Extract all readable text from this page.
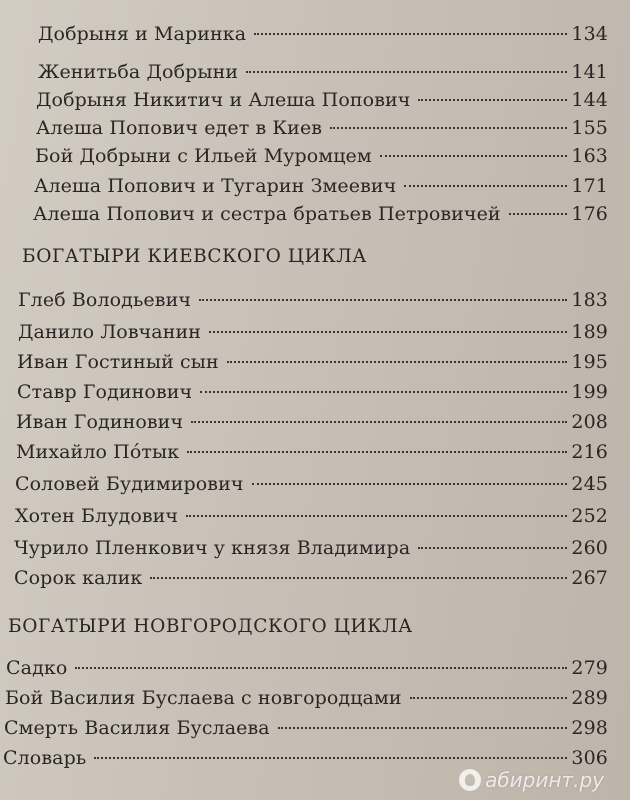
Добрыня и Маринка	134
Женитьба Добрыни	141
Добрыня Никитич и Алеша Попович	144
Алеша Попович едет в Киев	155
Бой Добрыни с Ильей Муромцем	163
Алеша Попович и Тугарин Змеевич	171
Алеша Попович и сестра братьев Петровичей	176
БОГАТЫРИ КИЕВСКОГО ЦИКЛА
Глеб Володьевич	183
Данило Ловчанин	189
Иван Гостиный сын	195
Ставр Годинович	199
Иван Годинович	208
Михайло Пóтык	216
Соловей Будимирович	245
Хотен Блудович	252
Чурило Пленкович у князя Владимира	260
Сорок калик	267
БОГАТЫРИ НОВГОРОДСКОГО ЦИКЛА
Садко	279
Бой Василия Буслаева с новгородцами	289
Смерть Василия Буслаева	298
Словарь	306
абиринт.ру
